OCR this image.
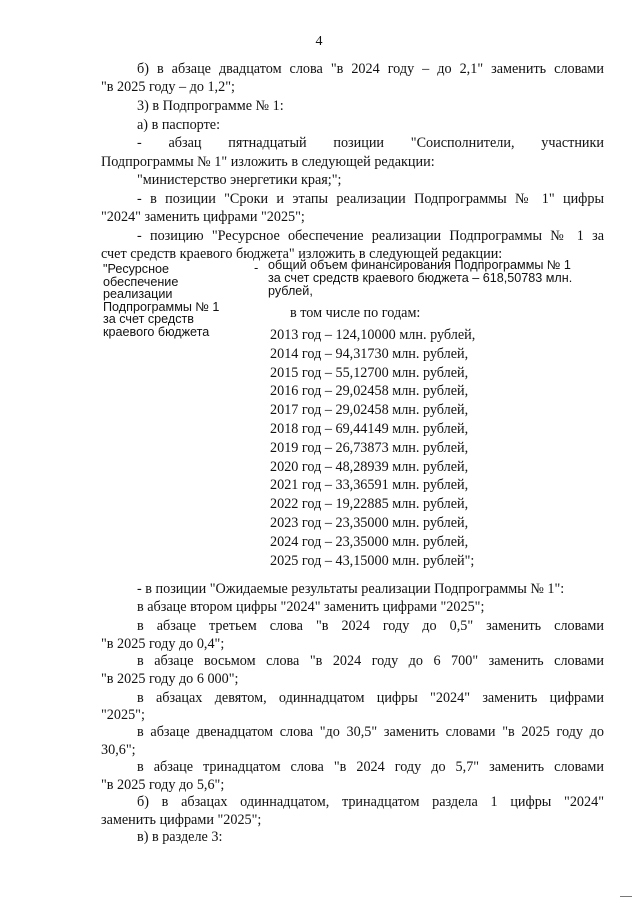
4
б) в абзаце двадцатом слова "в 2024 году – до 2,1" заменить словами
"в 2025 году – до 1,2";
3) в Подпрограмме № 1:
а) в паспорте:
- абзац пятнадцатый позиции "Соисполнители, участники
Подпрограммы № 1" изложить в следующей редакции:
"министерство энергетики края;";
- в позиции "Сроки и этапы реализации Подпрограммы № 1" цифры
"2024" заменить цифрами "2025";
- позицию "Ресурсное обеспечение реализации Подпрограммы № 1 за
счет средств краевого бюджета" изложить в следующей редакции:
"Ресурсное
обеспечение
реализации
Подпрограммы № 1
за счет средств
краевого бюджета
- общий объем финансирования Подпрограммы № 1
за счет средств краевого бюджета – 618,50783 млн.
рублей,
в том числе по годам:
2013 год – 124,10000 млн. рублей,
2014 год – 94,31730 млн. рублей,
2015 год – 55,12700 млн. рублей,
2016 год – 29,02458 млн. рублей,
2017 год – 29,02458 млн. рублей,
2018 год – 69,44149 млн. рублей,
2019 год – 26,73873 млн. рублей,
2020 год – 48,28939 млн. рублей,
2021 год – 33,36591 млн. рублей,
2022 год – 19,22885 млн. рублей,
2023 год – 23,35000 млн. рублей,
2024 год – 23,35000 млн. рублей,
2025 год – 43,15000 млн. рублей";
- в позиции "Ожидаемые результаты реализации Подпрограммы № 1":
в абзаце втором цифры "2024" заменить цифрами "2025";
в абзаце третьем слова "в 2024 году до 0,5" заменить словами
"в 2025 году до 0,4";
в абзаце восьмом слова "в 2024 году до 6 700" заменить словами
"в 2025 году до 6 000";
в абзацах девятом, одиннадцатом цифры "2024" заменить цифрами
"2025";
в абзаце двенадцатом слова "до 30,5" заменить словами "в 2025 году до
30,6";
в абзаце тринадцатом слова "в 2024 году до 5,7" заменить словами
"в 2025 году до 5,6";
б) в абзацах одиннадцатом, тринадцатом раздела 1 цифры "2024"
заменить цифрами "2025";
в) в разделе 3:
